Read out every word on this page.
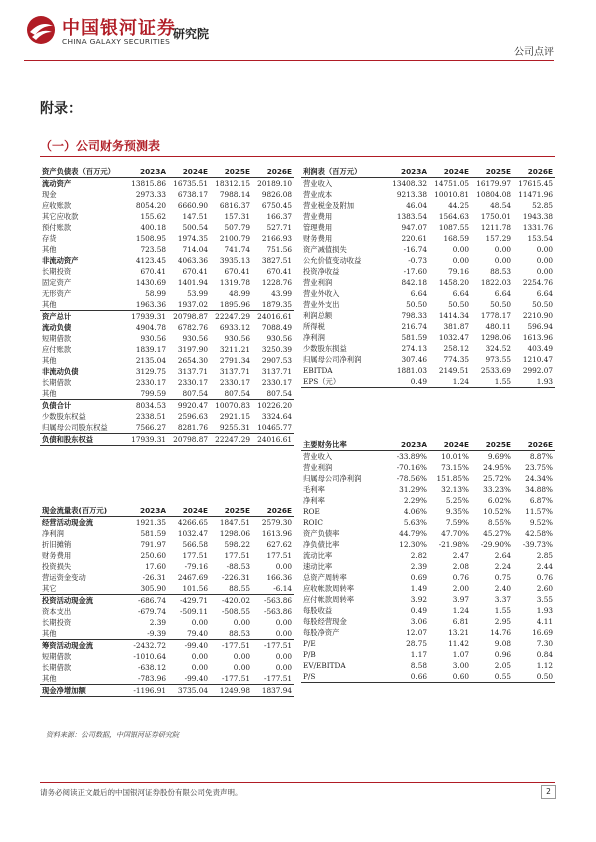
中国银河证券
CHINA GALAXY SECURITIES
研究院
公司点评
附录：
（一）公司财务预测表
资产负债表（百万元）	2023A	2024E	2025E	2026E
流动资产	13815.86	16735.51	18312.15	20189.10
现金	2973.33	6738.17	7988.14	9826.08
应收账款	8054.20	6660.90	6816.37	6750.45
其它应收款	155.62	147.51	157.31	166.37
预付账款	400.18	500.54	507.79	527.71
存货	1508.95	1974.35	2100.79	2166.93
其他	723.58	714.04	741.74	751.56
非流动资产	4123.45	4063.36	3935.13	3827.51
长期投资	670.41	670.41	670.41	670.41
固定资产	1430.69	1401.94	1319.78	1228.76
无形资产	58.99	53.99	48.99	43.99
其他	1963.36	1937.02	1895.96	1879.35
资产总计	17939.31	20798.87	22247.29	24016.61
流动负债	4904.78	6782.76	6933.12	7088.49
短期借款	930.56	930.56	930.56	930.56
应付账款	1839.17	3197.90	3211.21	3250.39
其他	2135.04	2654.30	2791.34	2907.53
非流动负债	3129.75	3137.71	3137.71	3137.71
长期借款	2330.17	2330.17	2330.17	2330.17
其他	799.59	807.54	807.54	807.54
负债合计	8034.53	9920.47	10070.83	10226.20
少数股东权益	2338.51	2596.63	2921.15	3324.64
归属母公司股东权益	7566.27	8281.76	9255.31	10465.77
负债和股东权益	17939.31	20798.87	22247.29	24016.61
利润表（百万元）	2023A	2024E	2025E	2026E
营业收入	13408.32	14751.05	16179.97	17615.45
营业成本	9213.38	10010.81	10804.08	11471.96
营业税金及附加	46.04	44.25	48.54	52.85
营业费用	1383.54	1564.63	1750.01	1943.38
管理费用	947.07	1087.55	1211.78	1331.76
财务费用	220.61	168.59	157.29	153.54
资产减值损失	-16.74	0.00	0.00	0.00
公允价值变动收益	-0.73	0.00	0.00	0.00
投资净收益	-17.60	79.16	88.53	0.00
营业利润	842.18	1458.20	1822.03	2254.76
营业外收入	6.64	6.64	6.64	6.64
营业外支出	50.50	50.50	50.50	50.50
利润总额	798.33	1414.34	1778.17	2210.90
所得税	216.74	381.87	480.11	596.94
净利润	581.59	1032.47	1298.06	1613.96
少数股东损益	274.13	258.12	324.52	403.49
归属母公司净利润	307.46	774.35	973.55	1210.47
EBITDA	1881.03	2149.51	2533.69	2992.07
EPS（元）	0.49	1.24	1.55	1.93
现金流量表(百万元)	2023A	2024E	2025E	2026E
经营活动现金流	1921.35	4266.65	1847.51	2579.30
净利润	581.59	1032.47	1298.06	1613.96
折旧摊销	791.97	566.58	598.22	627.62
财务费用	250.60	177.51	177.51	177.51
投资损失	17.60	-79.16	-88.53	0.00
营运资金变动	-26.31	2467.69	-226.31	166.36
其它	305.90	101.56	88.55	-6.14
投资活动现金流	-686.74	-429.71	-420.02	-563.86
资本支出	-679.74	-509.11	-508.55	-563.86
长期投资	2.39	0.00	0.00	0.00
其他	-9.39	79.40	88.53	0.00
筹资活动现金流	-2432.72	-99.40	-177.51	-177.51
短期借款	-1010.64	0.00	0.00	0.00
长期借款	-638.12	0.00	0.00	0.00
其他	-783.96	-99.40	-177.51	-177.51
现金净增加额	-1196.91	3735.04	1249.98	1837.94
主要财务比率	2023A	2024E	2025E	2026E
营业收入	-33.89%	10.01%	9.69%	8.87%
营业利润	-70.16%	73.15%	24.95%	23.75%
归属母公司净利润	-78.56%	151.85%	25.72%	24.34%
毛利率	31.29%	32.13%	33.23%	34.88%
净利率	2.29%	5.25%	6.02%	6.87%
ROE	4.06%	9.35%	10.52%	11.57%
ROIC	5.63%	7.59%	8.55%	9.52%
资产负债率	44.79%	47.70%	45.27%	42.58%
净负债比率	12.30%	-21.98%	-29.90%	-39.73%
流动比率	2.82	2.47	2.64	2.85
速动比率	2.39	2.08	2.24	2.44
总资产周转率	0.69	0.76	0.75	0.76
应收帐款周转率	1.49	2.00	2.40	2.60
应付帐款周转率	3.92	3.97	3.37	3.55
每股收益	0.49	1.24	1.55	1.93
每股经营现金	3.06	6.81	2.95	4.11
每股净资产	12.07	13.21	14.76	16.69
P/E	28.75	11.42	9.08	7.30
P/B	1.17	1.07	0.96	0.84
EV/EBITDA	8.58	3.00	2.05	1.12
P/S	0.66	0.60	0.55	0.50
资料来源：公司数据，中国银河证券研究院
请务必阅读正文最后的中国银河证券股份有限公司免责声明。	2
